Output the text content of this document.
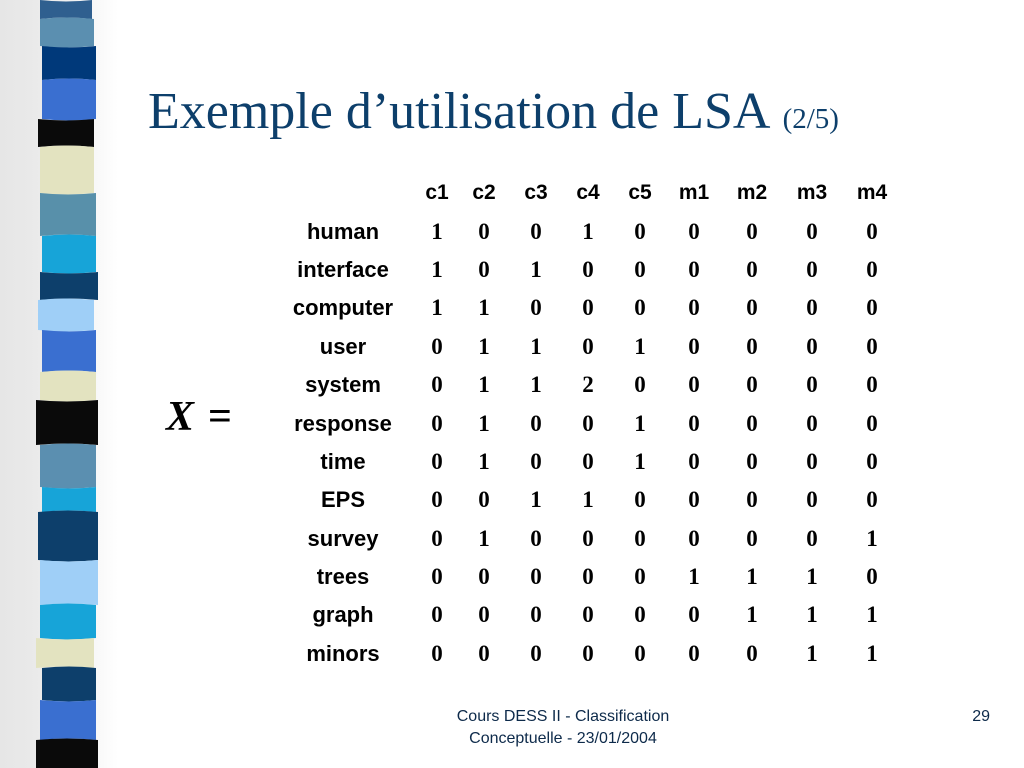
Exemple d’utilisation de LSA (2/5)
X =
	c1	c2	c3	c4	c5	m1	m2	m3	m4
human	1	0	0	1	0	0	0	0	0
interface	1	0	1	0	0	0	0	0	0
computer	1	1	0	0	0	0	0	0	0
user	0	1	1	0	1	0	0	0	0
system	0	1	1	2	0	0	0	0	0
response	0	1	0	0	1	0	0	0	0
time	0	1	0	0	1	0	0	0	0
EPS	0	0	1	1	0	0	0	0	0
survey	0	1	0	0	0	0	0	0	1
trees	0	0	0	0	0	1	1	1	0
graph	0	0	0	0	0	0	1	1	1
minors	0	0	0	0	0	0	0	1	1
Cours DESS II - Classification
Conceptuelle - 23/01/2004
29
